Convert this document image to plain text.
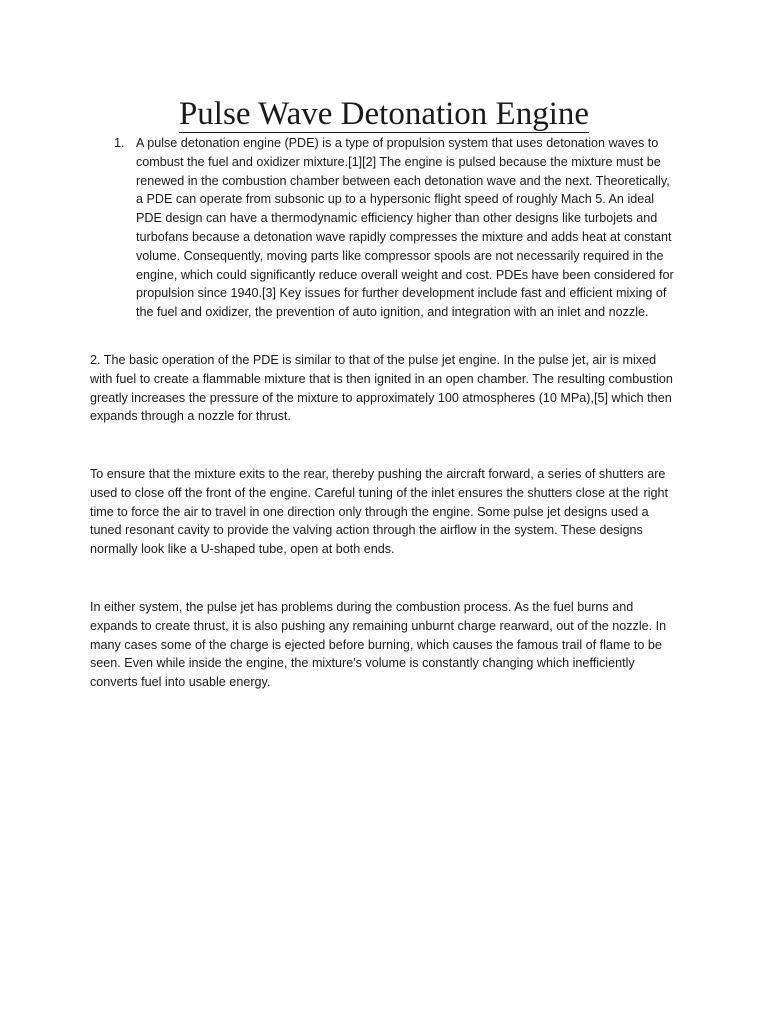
Pulse Wave Detonation Engine
1. A pulse detonation engine (PDE) is a type of propulsion system that uses detonation waves to combust the fuel and oxidizer mixture.[1][2] The engine is pulsed because the mixture must be renewed in the combustion chamber between each detonation wave and the next. Theoretically, a PDE can operate from subsonic up to a hypersonic flight speed of roughly Mach 5. An ideal PDE design can have a thermodynamic efficiency higher than other designs like turbojets and turbofans because a detonation wave rapidly compresses the mixture and adds heat at constant volume. Consequently, moving parts like compressor spools are not necessarily required in the engine, which could significantly reduce overall weight and cost. PDEs have been considered for propulsion since 1940.[3] Key issues for further development include fast and efficient mixing of the fuel and oxidizer, the prevention of auto ignition, and integration with an inlet and nozzle.

2. The basic operation of the PDE is similar to that of the pulse jet engine. In the pulse jet, air is mixed with fuel to create a flammable mixture that is then ignited in an open chamber. The resulting combustion greatly increases the pressure of the mixture to approximately 100 atmospheres (10 MPa),[5] which then expands through a nozzle for thrust.

To ensure that the mixture exits to the rear, thereby pushing the aircraft forward, a series of shutters are used to close off the front of the engine. Careful tuning of the inlet ensures the shutters close at the right time to force the air to travel in one direction only through the engine. Some pulse jet designs used a tuned resonant cavity to provide the valving action through the airflow in the system. These designs normally look like a U-shaped tube, open at both ends.

In either system, the pulse jet has problems during the combustion process. As the fuel burns and expands to create thrust, it is also pushing any remaining unburnt charge rearward, out of the nozzle. In many cases some of the charge is ejected before burning, which causes the famous trail of flame to be seen. Even while inside the engine, the mixture's volume is constantly changing which inefficiently converts fuel into usable energy.
